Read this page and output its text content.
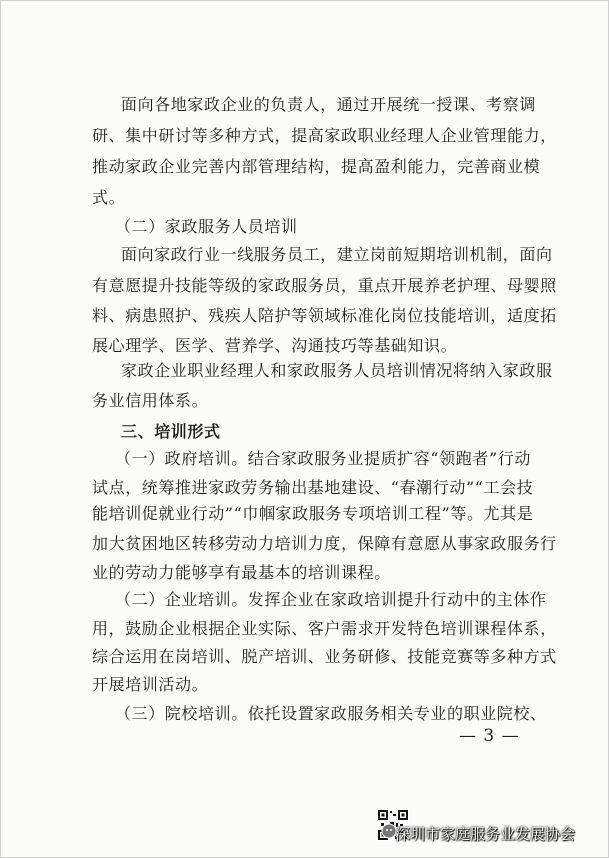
面向各地家政企业的负责人，通过开展统一授课、考察调
研、集中研讨等多种方式，提高家政职业经理人企业管理能力，
推动家政企业完善内部管理结构，提高盈利能力，完善商业模
式。
（二）家政服务人员培训
面向家政行业一线服务员工，建立岗前短期培训机制，面向
有意愿提升技能等级的家政服务员，重点开展养老护理、母婴照
料、病患照护、残疾人陪护等领域标准化岗位技能培训，适度拓
展心理学、医学、营养学、沟通技巧等基础知识。
家政企业职业经理人和家政服务人员培训情况将纳入家政服
务业信用体系。
三、培训形式
（一）政府培训。结合家政服务业提质扩容“领跑者”行动
试点，统筹推进家政劳务输出基地建设、“春潮行动”“工会技
能培训促就业行动”“巾帼家政服务专项培训工程”等。尤其是
加大贫困地区转移劳动力培训力度，保障有意愿从事家政服务行
业的劳动力能够享有最基本的培训课程。
（二）企业培训。发挥企业在家政培训提升行动中的主体作
用，鼓励企业根据企业实际、客户需求开发特色培训课程体系，
综合运用在岗培训、脱产培训、业务研修、技能竞赛等多种方式
开展培训活动。
（三）院校培训。依托设置家政服务相关专业的职业院校、
— 3 —
深圳市家庭服务业发展协会
